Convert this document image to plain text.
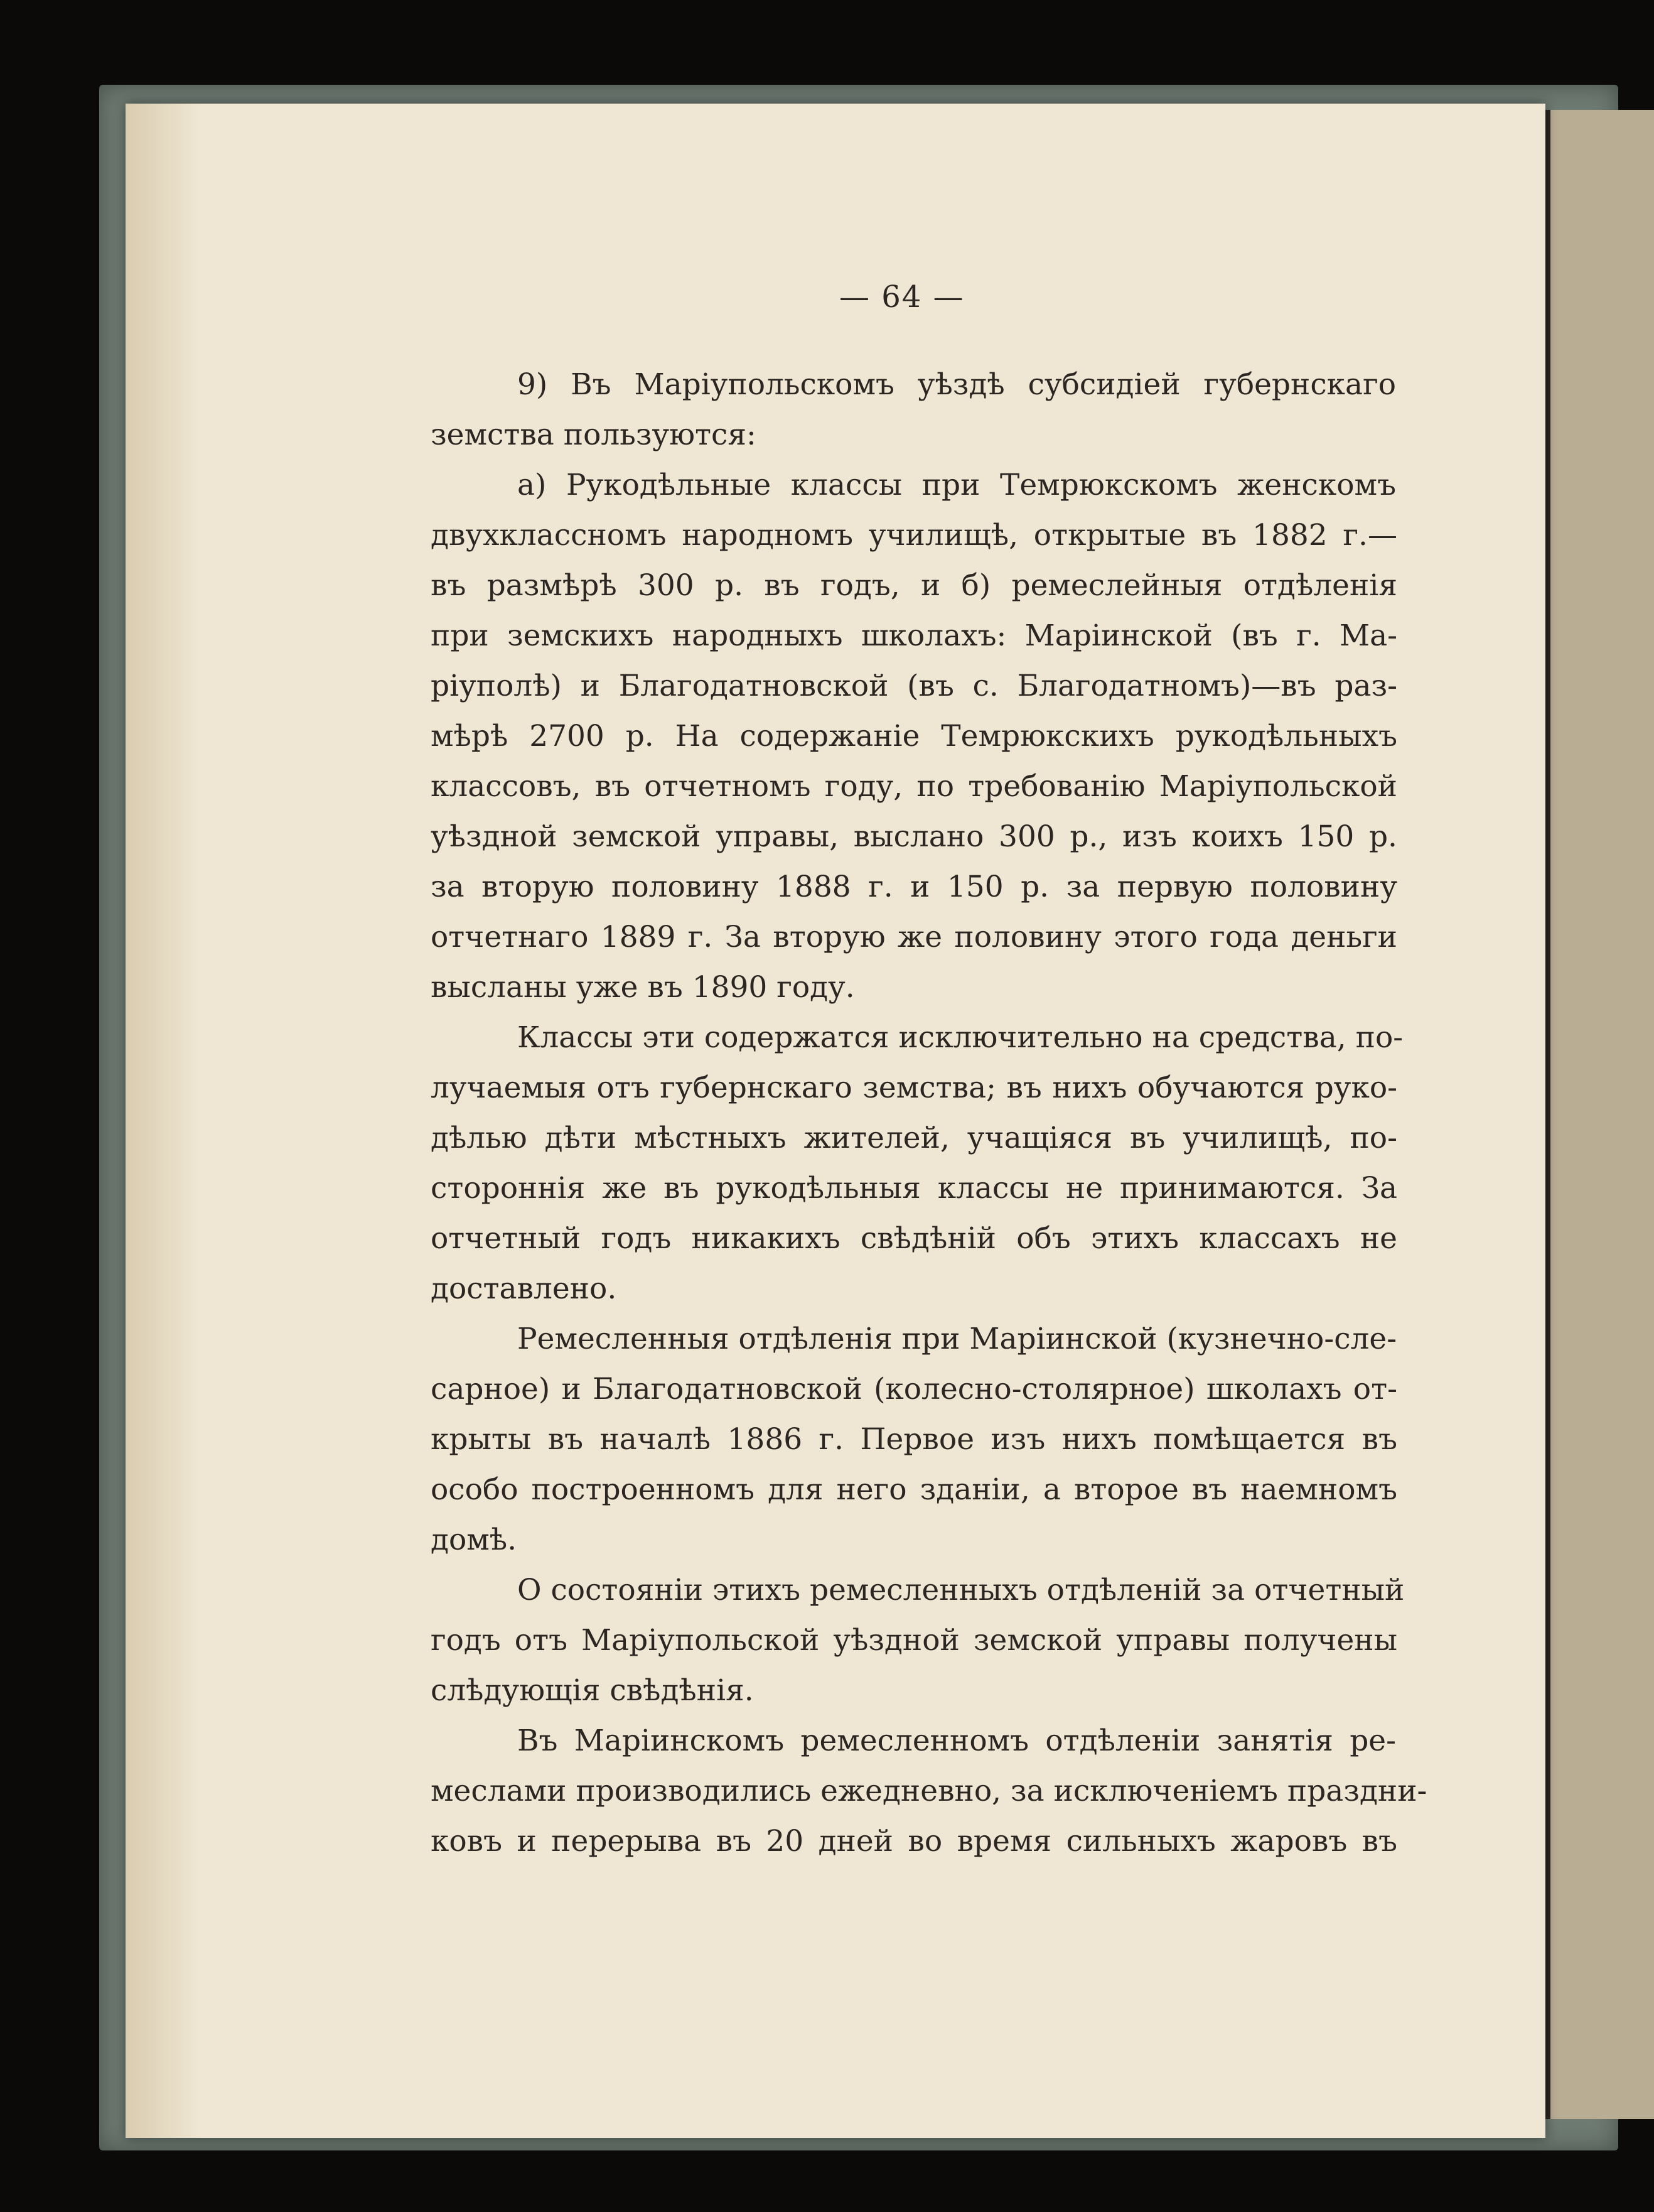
— 64 —
9) Въ Маріупольскомъ уѣздѣ субсидіей губернскаго
земства пользуются:
а) Рукодѣльные классы при Темрюкскомъ женскомъ
двухклассномъ народномъ училищѣ, открытые въ 1882 г.—
въ размѣрѣ 300 р. въ годъ, и б) ремеслейныя отдѣленія
при земскихъ народныхъ школахъ: Маріинской (въ г. Ма-
ріуполѣ) и Благодатновской (въ с. Благодатномъ)—въ раз-
мѣрѣ 2700 р. На содержаніе Темрюкскихъ рукодѣльныхъ
классовъ, въ отчетномъ году, по требованію Маріупольской
уѣздной земской управы, выслано 300 р., изъ коихъ 150 р.
за вторую половину 1888 г. и 150 р. за первую половину
отчетнаго 1889 г. За вторую же половину этого года деньги
высланы уже въ 1890 году.
Классы эти содержатся исключительно на средства, по-
лучаемыя отъ губернскаго земства; въ нихъ обучаются руко-
дѣлью дѣти мѣстныхъ жителей, учащіяся въ училищѣ, по-
стороннія же въ рукодѣльныя классы не принимаются. За
отчетный годъ никакихъ свѣдѣній объ этихъ классахъ не
доставлено.
Ремесленныя отдѣленія при Маріинской (кузнечно-сле-
сарное) и Благодатновской (колесно-столярное) школахъ от-
крыты въ началѣ 1886 г. Первое изъ нихъ помѣщается въ
особо построенномъ для него зданіи, а второе въ наемномъ
домѣ.
О состояніи этихъ ремесленныхъ отдѣленій за отчетный
годъ отъ Маріупольской уѣздной земской управы получены
слѣдующія свѣдѣнія.
Въ Маріинскомъ ремесленномъ отдѣленіи занятія ре-
меслами производились ежедневно, за исключеніемъ праздни-
ковъ и перерыва въ 20 дней во время сильныхъ жаровъ въ
